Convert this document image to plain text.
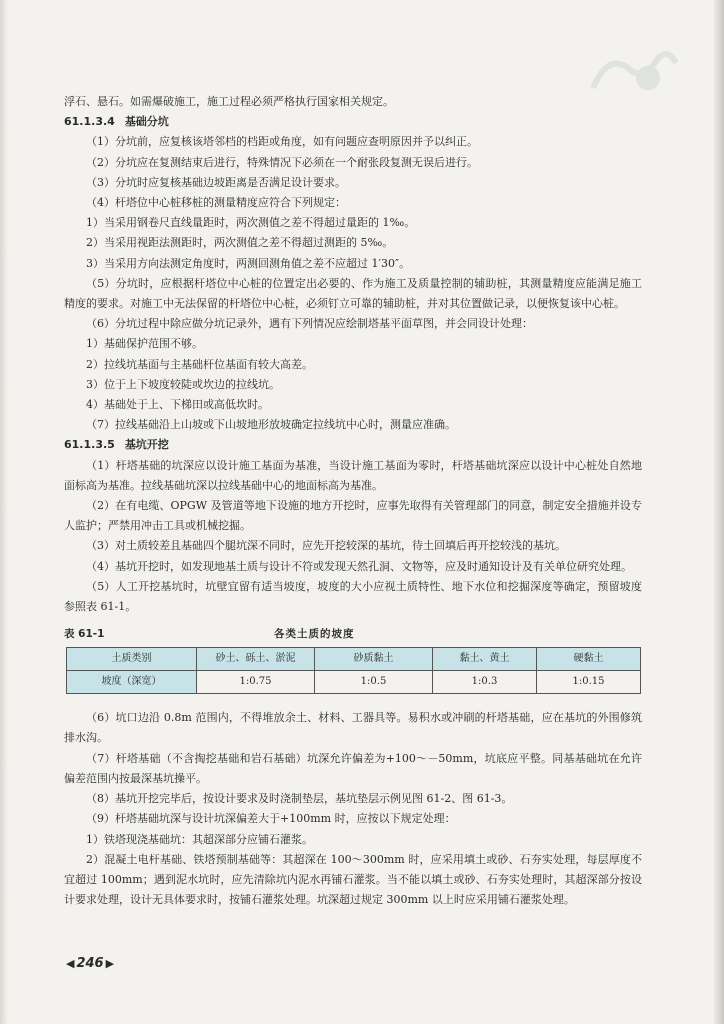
浮石、悬石。如需爆破施工，施工过程必须严格执行国家相关规定。

61.1.3.4 基础分坑

（1）分坑前，应复核该塔邻档的档距或角度，如有问题应查明原因并予以纠正。

（2）分坑应在复测结束后进行，特殊情况下必须在一个耐张段复测无误后进行。

（3）分坑时应复核基础边坡距离是否满足设计要求。

（4）杆塔位中心桩移桩的测量精度应符合下列规定：

1）当采用钢卷尺直线量距时，两次测值之差不得超过量距的 1‰。

2）当采用视距法测距时，两次测值之差不得超过测距的 5‰。

3）当采用方向法测定角度时，两测回测角值之差不应超过 1′30″。

（5）分坑时，应根据杆塔位中心桩的位置定出必要的、作为施工及质量控制的辅助桩，其测量精度应能满足施工精度的要求。对施工中无法保留的杆塔位中心桩，必须钉立可靠的辅助桩，并对其位置做记录，以便恢复该中心桩。

（6）分坑过程中除应做分坑记录外，遇有下列情况应绘制塔基平面草图，并会同设计处理：

1）基础保护范围不够。

2）拉线坑基面与主基础杆位基面有较大高差。

3）位于上下坡度较陡或坎边的拉线坑。

4）基础处于上、下梯田或高低坎时。

（7）拉线基础沿上山坡或下山坡地形放坡确定拉线坑中心时，测量应准确。

61.1.3.5 基坑开挖

（1）杆塔基础的坑深应以设计施工基面为基准，当设计施工基面为零时，杆塔基础坑深应以设计中心桩处自然地面标高为基准。拉线基础坑深以拉线基础中心的地面标高为基准。

（2）在有电缆、OPGW 及管道等地下设施的地方开挖时，应事先取得有关管理部门的同意，制定安全措施并设专人监护；严禁用冲击工具或机械挖掘。

（3）对土质较差且基础四个腿坑深不同时，应先开挖较深的基坑，待土回填后再开挖较浅的基坑。

（4）基坑开挖时，如发现地基土质与设计不符或发现天然孔洞、文物等，应及时通知设计及有关单位研究处理。

（5）人工开挖基坑时，坑壁宜留有适当坡度，坡度的大小应视土质特性、地下水位和挖掘深度等确定，预留坡度参照表 61-1。

表 61-1	各类土质的坡度
土质类别	砂土、砾土、淤泥	砂质黏土	黏土、黄土	硬黏土
坡度（深宽）	1:0.75	1:0.5	1:0.3	1:0.15

（6）坑口边沿 0.8m 范围内，不得堆放余土、材料、工器具等。易积水或冲刷的杆塔基础，应在基坑的外围修筑排水沟。

（7）杆塔基础（不含掏挖基础和岩石基础）坑深允许偏差为+100～－50mm，坑底应平整。同基基础坑在允许偏差范围内按最深基坑操平。

（8）基坑开挖完毕后，按设计要求及时浇制垫层，基坑垫层示例见图 61-2、图 61-3。

（9）杆塔基础坑深与设计坑深偏差大于+100mm 时，应按以下规定处理：

1）铁塔现浇基础坑：其超深部分应铺石灌浆。

2）混凝土电杆基础、铁塔预制基础等：其超深在 100～300mm 时，应采用填土或砂、石夯实处理，每层厚度不宜超过 100mm；遇到泥水坑时，应先清除坑内泥水再铺石灌浆。当不能以填土或砂、石夯实处理时，其超深部分按设计要求处理，设计无具体要求时，按铺石灌浆处理。坑深超过规定 300mm 以上时应采用铺石灌浆处理。

◀ 246 ▶
